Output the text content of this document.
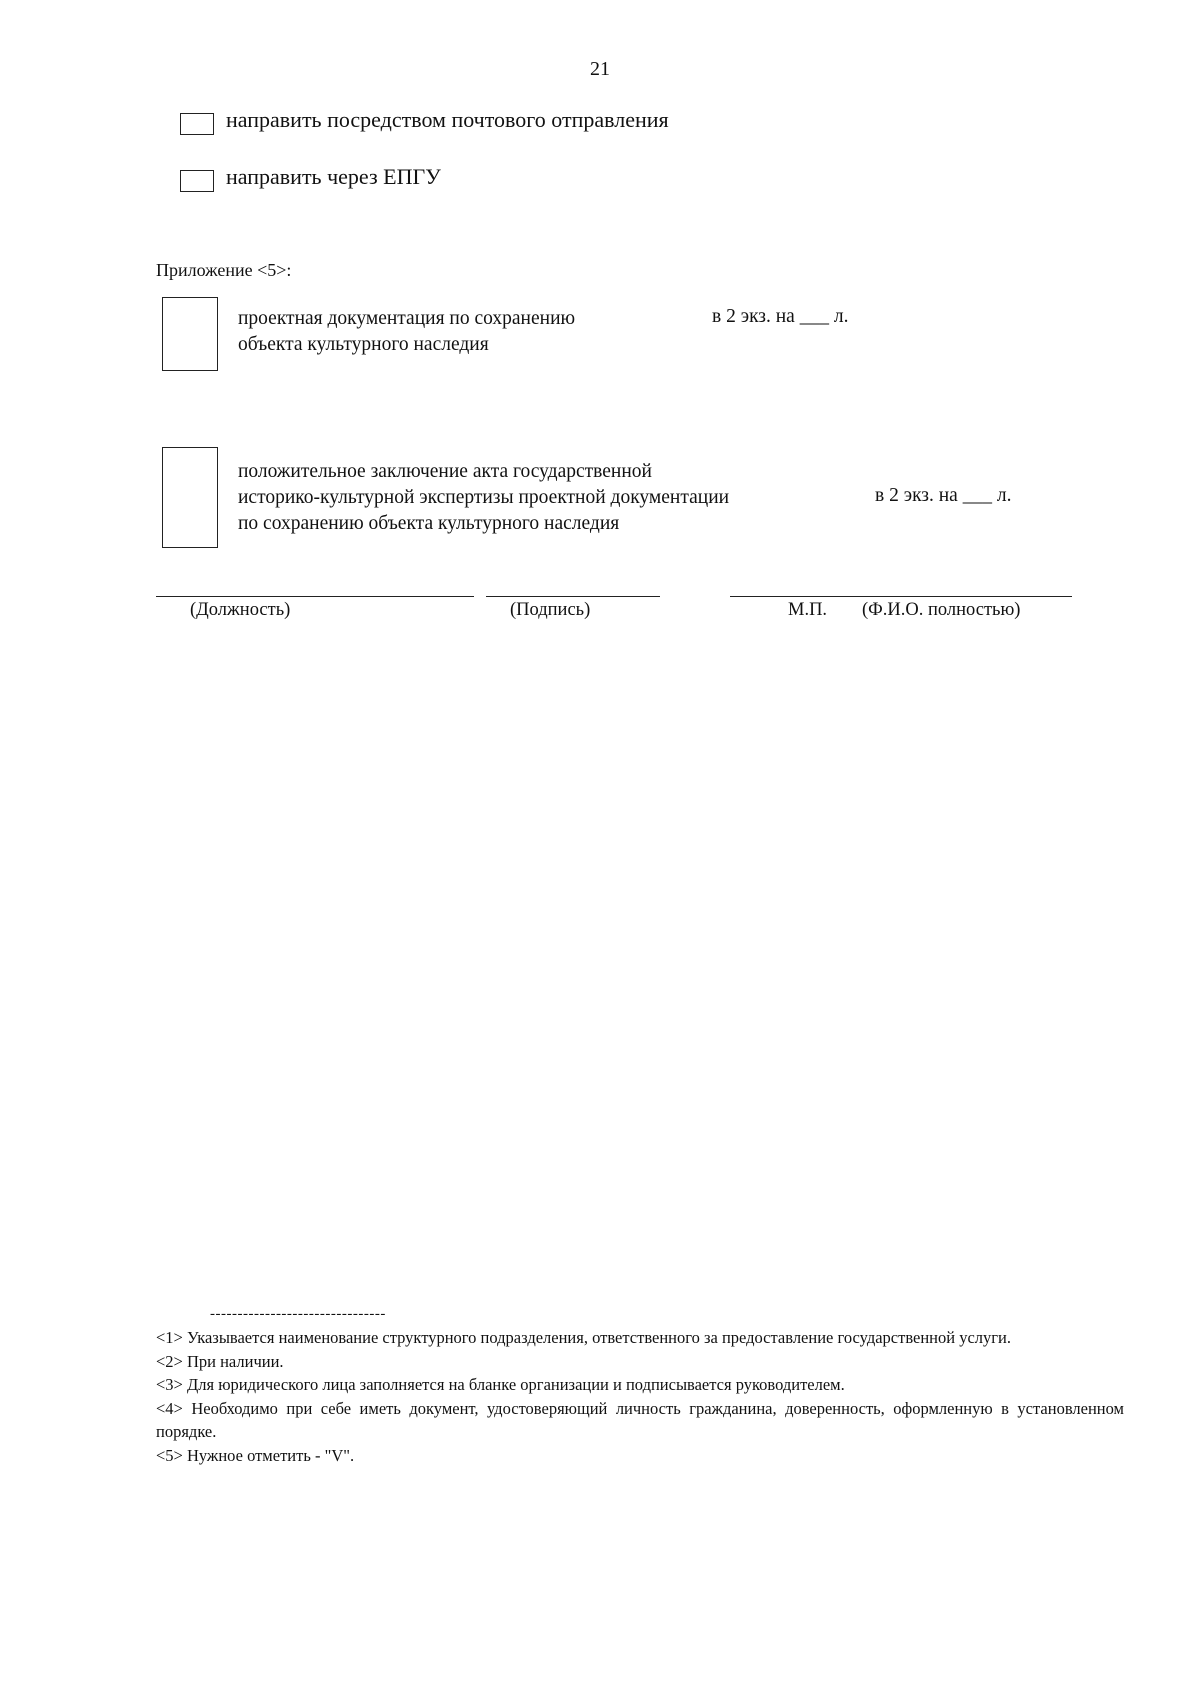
21
направить посредством почтового отправления
направить через ЕПГУ
Приложение <5>:
проектная документация по сохранению
объекта культурного наследия
в 2 экз. на ___ л.
положительное заключение акта государственной
историко-культурной экспертизы проектной документации
по сохранению объекта культурного наследия
в 2 экз. на ___ л.
(Должность)	(Подпись)	М.П. (Ф.И.О. полностью)
--------------------------------
<1> Указывается наименование структурного подразделения, ответственного за предоставление государственной услуги.
<2> При наличии.
<3> Для юридического лица заполняется на бланке организации и подписывается руководителем.
<4> Необходимо при себе иметь документ, удостоверяющий личность гражданина, доверенность, оформленную в установленном порядке.
<5> Нужное отметить - "V".
